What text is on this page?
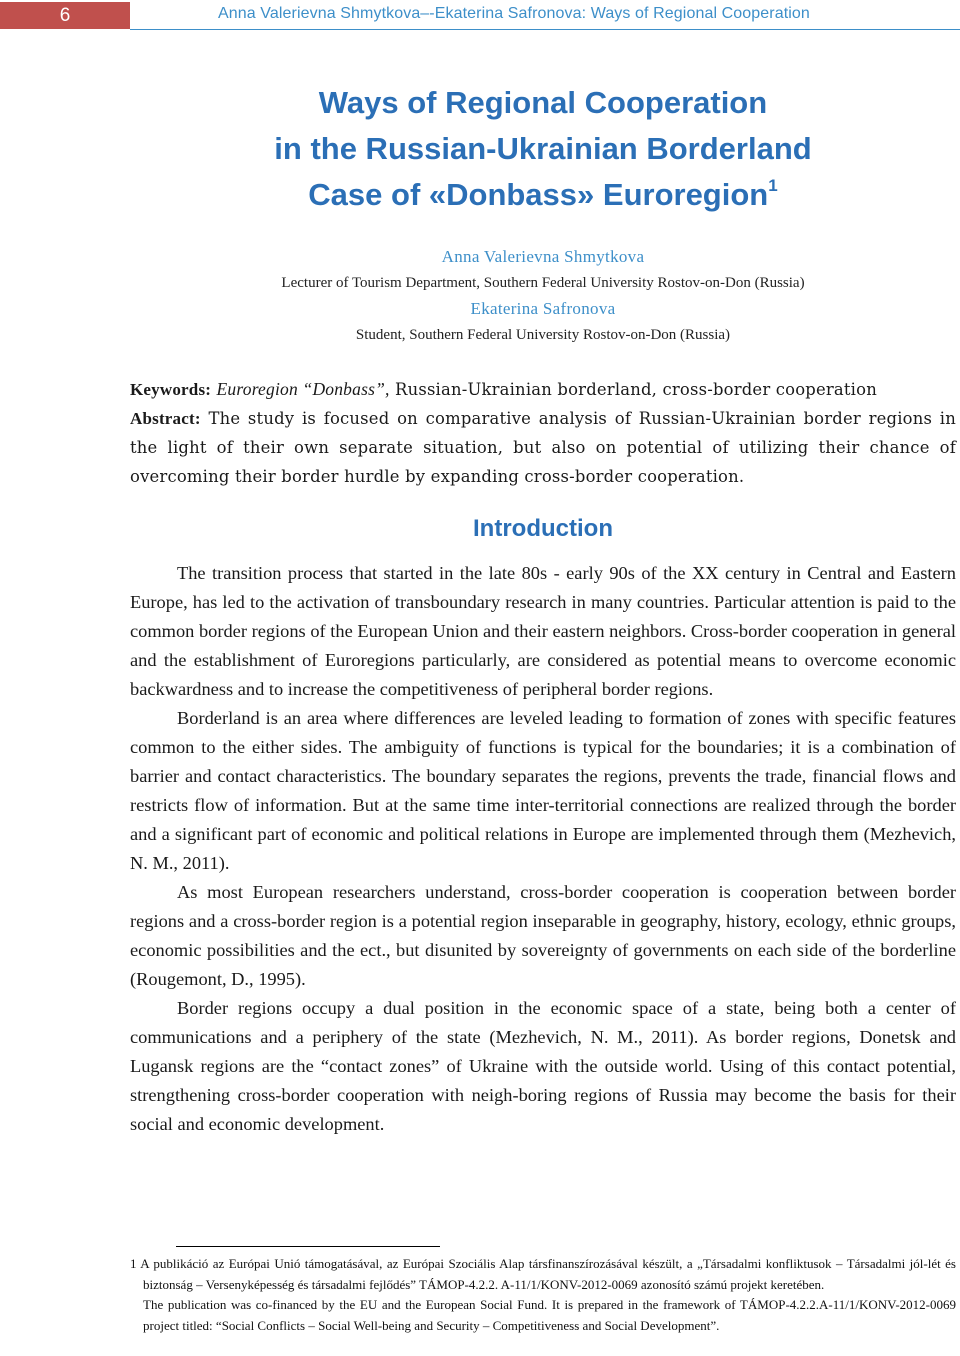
6	Anna Valerievna Shmytkova–-Ekaterina Safronova: Ways of Regional Cooperation
Ways of Regional Cooperation
in the Russian-Ukrainian Borderland
Case of «Donbass» Euroregion$^1$
Anna Valerievna Shmytkova
Lecturer of Tourism Department, Southern Federal University Rostov-on-Don (Russia)
Ekaterina Safronova
Student, Southern Federal University Rostov-on-Don (Russia)
Keywords: Euroregion “Donbass”, Russian-Ukrainian borderland, cross-border cooperation
Abstract: The study is focused on comparative analysis of Russian-Ukrainian border regions in the light of their own separate situation, but also on potential of utilizing their chance of overcoming their border hurdle by expanding cross-border cooperation.
Introduction

The transition process that started in the late 80s - early 90s of the XX century in Central and Eastern Europe, has led to the activation of transboundary research in many countries. Particular attention is paid to the common border regions of the European Union and their eastern neighbors. Cross-border cooperation in general and the establishment of Euroregions particularly, are considered as potential means to overcome economic backwardness and to increase the competitiveness of peripheral border regions.

Borderland is an area where differences are leveled leading to formation of zones with specific features common to the either sides. The ambiguity of functions is typical for the boundaries; it is a combination of barrier and contact characteristics. The boundary separates the regions, prevents the trade, financial flows and restricts flow of information. But at the same time inter-territorial connections are realized through the border and a significant part of economic and political relations in Europe are implemented through them (Mezhevich, N. M., 2011).

As most European researchers understand, cross-border cooperation is cooperation between border regions and a cross-border region is a potential region inseparable in geography, history, ecology, ethnic groups, economic possibilities and the ect., but disunited by sovereignty of governments on each side of the borderline (Rougemont, D., 1995).

Border regions occupy a dual position in the economic space of a state, being both a center of communications and a periphery of the state (Mezhevich, N. M., 2011). As border regions, Donetsk and Lugansk regions are the “contact zones” of Ukraine with the outside world. Using of this contact potential, strengthening cross-border cooperation with neigh-boring regions of Russia may become the basis for their social and economic development.

1 A publikáció az Európai Unió támogatásával, az Európai Szociális Alap társfinanszírozásával készült, a „Társadalmi konfliktusok – Társadalmi jól-lét és biztonság – Versenyképesség és társadalmi fejlődés” TÁMOP-4.2.2. A-11/1/KONV-2012-0069 azonosító számú projekt keretében.

The publication was co-financed by the EU and the European Social Fund. It is prepared in the framework of TÁMOP-4.2.2.A-11/1/KONV-2012-0069 project titled: “Social Conflicts – Social Well-being and Security – Competitiveness and Social Development”.
